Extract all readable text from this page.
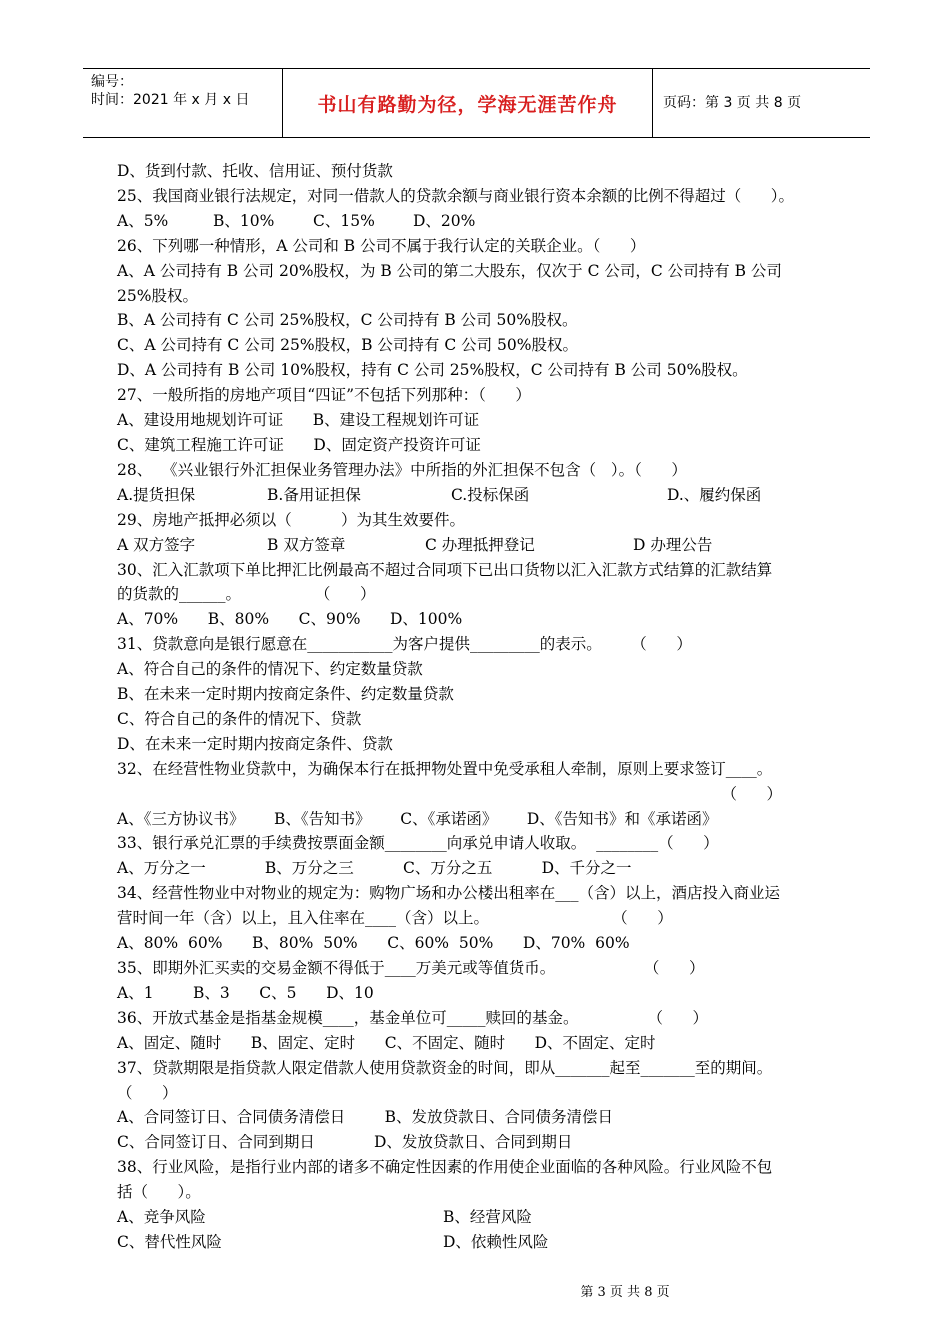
编号：
时间：2021 年 x 月 x 日	书山有路勤为径，学海无涯苦作舟	页码：第 3 页 共 8 页
D、货到付款、托收、信用证、预付货款
25、我国商业银行法规定，对同一借款人的贷款余额与商业银行资本余额的比例不得超过（      ）。
A、5%	B、10% C、15% D、20%
26、下列哪一种情形，A 公司和 B 公司不属于我行认定的关联企业。（      ）
A、A 公司持有 B 公司 20%股权，为 B 公司的第二大股东，仅次于 C 公司，C 公司持有 B 公司
25%股权。
B、A 公司持有 C 公司 25%股权，C 公司持有 B 公司 50%股权。
C、A 公司持有 C 公司 25%股权，B 公司持有 C 公司 50%股权。
D、A 公司持有 B 公司 10%股权，持有 C 公司 25%股权，C 公司持有 B 公司 50%股权。
27、一般所指的房地产项目“四证”不包括下列那种：（      ）
A、建设用地规划许可证      B、建设工程规划许可证
C、建筑工程施工许可证      D、固定资产投资许可证
28、  《兴业银行外汇担保业务管理办法》中所指的外汇担保不包含（   ）。（      ）
A.提货担保	B.备用证担保	C.投标保函	D.、履约保函
29、房地产抵押必须以（          ）为其生效要件。
A 双方签字	B 双方签章	C 办理抵押登记	D 办理公告
30、汇入汇款项下单比押汇比例最高不超过合同项下已出口货物以汇入汇款方式结算的汇款结算
的货款的______。               （      ）
A、70%      B、80%      C、90%      D、100%
31、贷款意向是银行愿意在___________为客户提供_________的表示。      （      ）
A、符合自己的条件的情况下、约定数量贷款
B、在未来一定时期内按商定条件、约定数量贷款
C、符合自己的条件的情况下、贷款
D、在未来一定时期内按商定条件、贷款
32、在经营性物业贷款中，为确保本行在抵押物处置中免受承租人牵制，原则上要求签订____。
（      ）
A、《三方协议书》      B、《告知书》      C、《承诺函》      D、《告知书》和《承诺函》
33、银行承兑汇票的手续费按票面金额________向承兑申请人收取。  ________（      ）
A、万分之一            B、万分之三          C、万分之五          D、千分之一
34、经营性物业中对物业的规定为：购物广场和办公楼出租率在___（含）以上，酒店投入商业运
营时间一年（含）以上，且入住率在____（含）以上。                         （      ）
A、80%  60%      B、80%  50%      C、60%  50%      D、70%  60%
35、即期外汇买卖的交易金额不得低于____万美元或等值货币。                  （      ）
A、1        B、3      C、5      D、10
36、开放式基金是指基金规模____，基金单位可_____赎回的基金。              （      ）
A、固定、随时      B、固定、定时      C、不固定、随时      D、不固定、定时
37、贷款期限是指贷款人限定借款人使用贷款资金的时间，即从_______起至_______至的期间。
（      ）
A、合同签订日、合同债务清偿日        B、发放贷款日、合同债务清偿日
C、合同签订日、合同到期日            D、发放贷款日、合同到期日
38、行业风险，是指行业内部的诸多不确定性因素的作用使企业面临的各种风险。行业风险不包
括（      ）。
A、竞争风险	B、经营风险
C、替代性风险	D、依赖性风险
第 3 页 共 8 页
